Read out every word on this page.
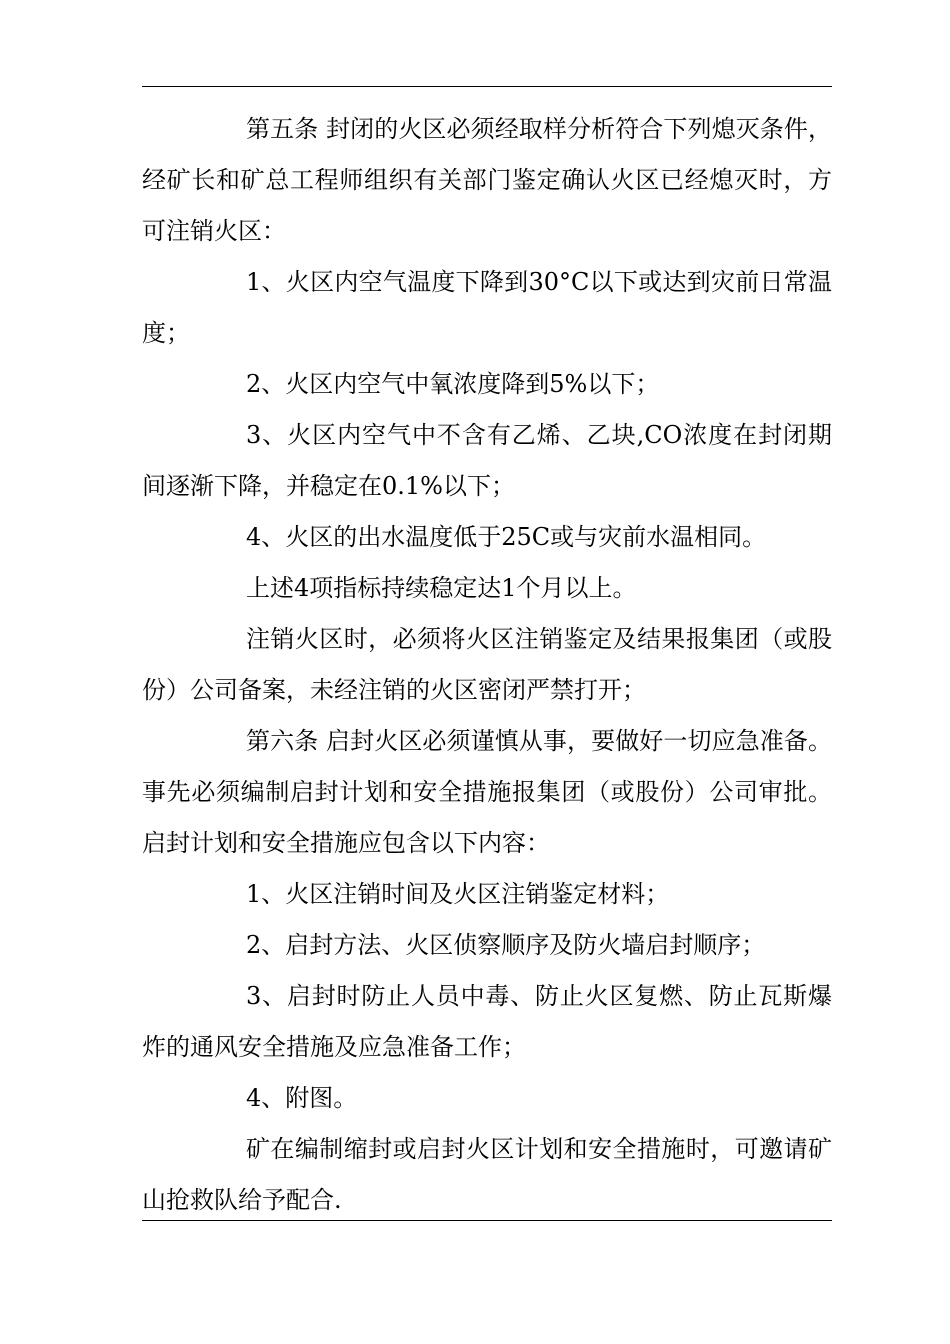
第五条 封闭的火区必须经取样分析符合下列熄灭条件，经矿长和矿总工程师组织有关部门鉴定确认火区已经熄灭时，方可注销火区：

1、火区内空气温度下降到30°C以下或达到灾前日常温度；

2、火区内空气中氧浓度降到5%以下；

3、火区内空气中不含有乙烯、乙块,CO浓度在封闭期间逐渐下降，并稳定在0.1%以下；

4、火区的出水温度低于25C或与灾前水温相同。

上述4项指标持续稳定达1个月以上。

注销火区时，必须将火区注销鉴定及结果报集团（或股份）公司备案，未经注销的火区密闭严禁打开；

第六条 启封火区必须谨慎从事，要做好一切应急准备。事先必须编制启封计划和安全措施报集团（或股份）公司审批。启封计划和安全措施应包含以下内容：

1、火区注销时间及火区注销鉴定材料；

2、启封方法、火区侦察顺序及防火墙启封顺序；

3、启封时防止人员中毒、防止火区复燃、防止瓦斯爆炸的通风安全措施及应急准备工作；

4、附图。

矿在编制缩封或启封火区计划和安全措施时，可邀请矿山抢救队给予配合.
